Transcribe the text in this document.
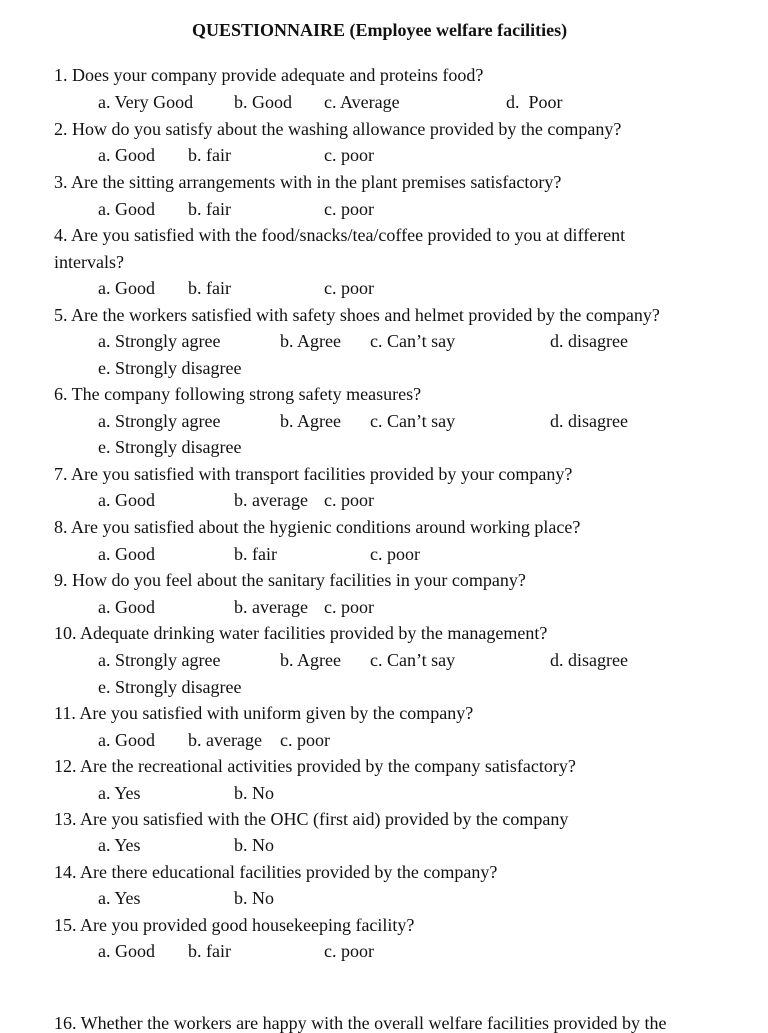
QUESTIONNAIRE (Employee welfare facilities)
1. Does your company provide adequate and proteins food?
a. Very Good b. Good c. Average	d.  Poor
2. How do you satisfy about the washing allowance provided by the company?
a. Good b. fair	c. poor
3. Are the sitting arrangements with in the plant premises satisfactory?
a. Good b. fair	c. poor
4. Are you satisfied with the food/snacks/tea/coffee provided to you at different
intervals?
a. Good b. fair	c. poor
5. Are the workers satisfied with safety shoes and helmet provided by the company?
a. Strongly agree	b. Agree c. Can’t say	d. disagree
e. Strongly disagree
6. The company following strong safety measures?
a. Strongly agree	b. Agree c. Can’t say	d. disagree
e. Strongly disagree
7. Are you satisfied with transport facilities provided by your company?
a. Good	b. average c. poor
8. Are you satisfied about the hygienic conditions around working place?
a. Good	b. fair	c. poor
9. How do you feel about the sanitary facilities in your company?
a. Good	b. average c. poor
10. Adequate drinking water facilities provided by the management?
a. Strongly agree	b. Agree c. Can’t say	d. disagree
e. Strongly disagree
11. Are you satisfied with uniform given by the company?
a. Good b. average c. poor
12. Are the recreational activities provided by the company satisfactory?
a. Yes	b. No
13. Are you satisfied with the OHC (first aid) provided by the company
a. Yes	b. No
14. Are there educational facilities provided by the company?
a. Yes	b. No
15. Are you provided good housekeeping facility?
a. Good b. fair	c. poor
16. Whether the workers are happy with the overall welfare facilities provided by the
